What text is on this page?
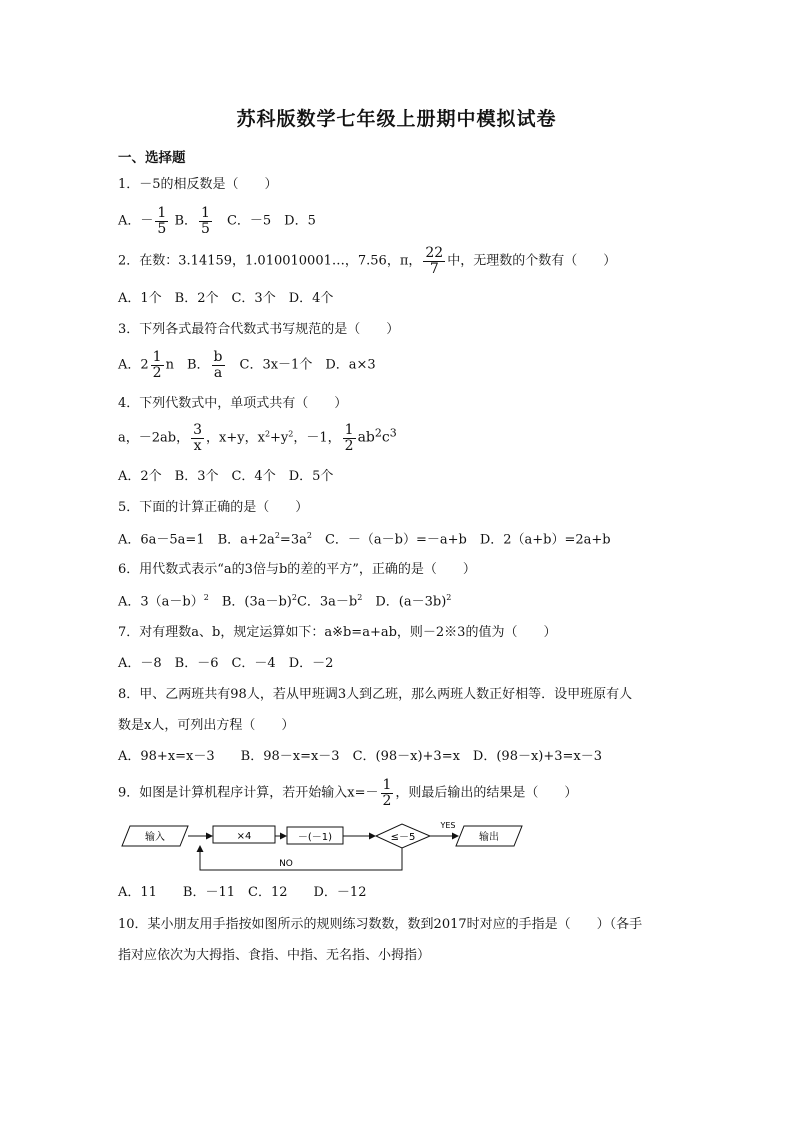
苏科版数学七年级上册期中模拟试卷
一、选择题
1．－5的相反数是（　　）
A．－ $\frac{1}{5}$ B． $\frac{1}{5}$ 　C．－5　D．5
2．在数：3.14159，1.010010001…，7.56，π， $\frac{22}{7}$ 中，无理数的个数有（　　）
A．1个　B．2个　C．3个　D．4个
3．下列各式最符合代数式书写规范的是（　　）
A．$2 \frac{1}{2}$ n　B． $\frac{b}{a}$ 　C．3x－1个　D．a×3
4．下列代数式中，单项式共有（　　）
a，－2ab， $\frac{3}{x}$ ，x+y，$x^2+y^2$，－1， $\frac{1}{2} ab^2c^3$
A．2个　B．3个　C．4个　D．5个
5．下面的计算正确的是（　　）
A．6a－5a=1　B．$a+2a^2=3a^2$　C．－（a－b）=－a+b　D．2（a+b）=2a+b
6．用代数式表示“a的3倍与b的差的平方”，正确的是（　　）
A．$3(a-b)^2$　B．$(3a-b)^2C$．$3a-b^2$　D．$(a-3b)^2$
7．对有理数a、b，规定运算如下：a※b=a+ab，则－2※3的值为（　　）
A．－8　B．－6　C．－4　D．－2
8．甲、乙两班共有98人，若从甲班调3人到乙班，那么两班人数正好相等．设甲班原有人
数是x人，可列出方程（　　）
A．98+x=x－3　　B．98－x=x－3　C．(98－x)+3=x　D．(98－x)+3=x－3
9．如图是计算机程序计算，若开始输入$x=- \frac{1}{2}$ ，则最后输出的结果是（　　）
输入	×4	－(－1)	≤－5
YES
输出
NO
A．11　　B．－11　C．12　　D．－12
10．某小朋友用手指按如图所示的规则练习数数，数到2017时对应的手指是（　　）（各手
指对应依次为大拇指、食指、中指、无名指、小拇指）
